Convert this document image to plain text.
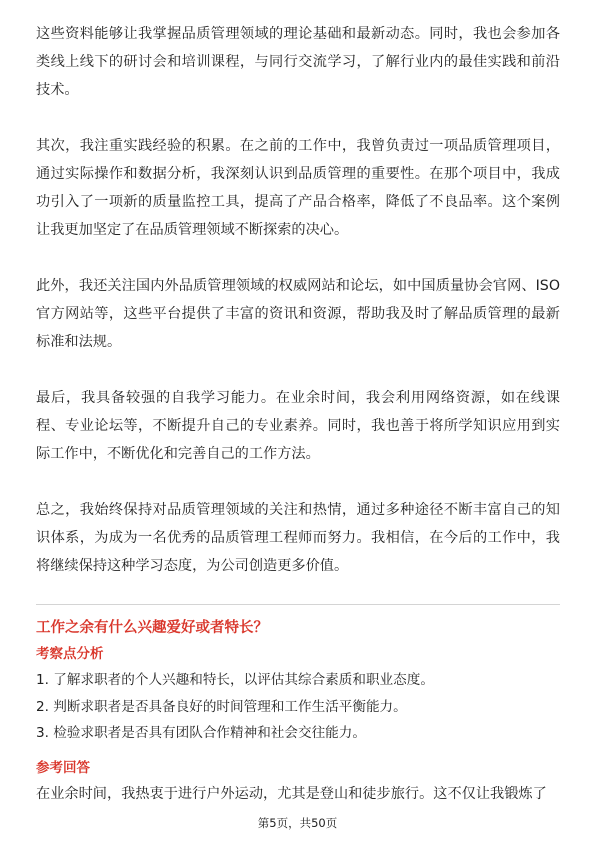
这些资料能够让我掌握品质管理领域的理论基础和最新动态。同时，我也会参加各类线上线下的研讨会和培训课程，与同行交流学习，了解行业内的最佳实践和前沿技术。

其次，我注重实践经验的积累。在之前的工作中，我曾负责过一项品质管理项目，通过实际操作和数据分析，我深刻认识到品质管理的重要性。在那个项目中，我成功引入了一项新的质量监控工具，提高了产品合格率，降低了不良品率。这个案例让我更加坚定了在品质管理领域不断探索的决心。

此外，我还关注国内外品质管理领域的权威网站和论坛，如中国质量协会官网、ISO官方网站等，这些平台提供了丰富的资讯和资源，帮助我及时了解品质管理的最新标准和法规。

最后，我具备较强的自我学习能力。在业余时间，我会利用网络资源，如在线课程、专业论坛等，不断提升自己的专业素养。同时，我也善于将所学知识应用到实际工作中，不断优化和完善自己的工作方法。

总之，我始终保持对品质管理领域的关注和热情，通过多种途径不断丰富自己的知识体系，为成为一名优秀的品质管理工程师而努力。我相信，在今后的工作中，我将继续保持这种学习态度，为公司创造更多价值。

工作之余有什么兴趣爱好或者特长？
考察点分析
1. 了解求职者的个人兴趣和特长，以评估其综合素质和职业态度。
2. 判断求职者是否具备良好的时间管理和工作生活平衡能力。
3. 检验求职者是否具有团队合作精神和社会交往能力。
参考回答

在业余时间，我热衷于进行户外运动，尤其是登山和徒步旅行。这不仅让我锻炼了

第5页，共50页
